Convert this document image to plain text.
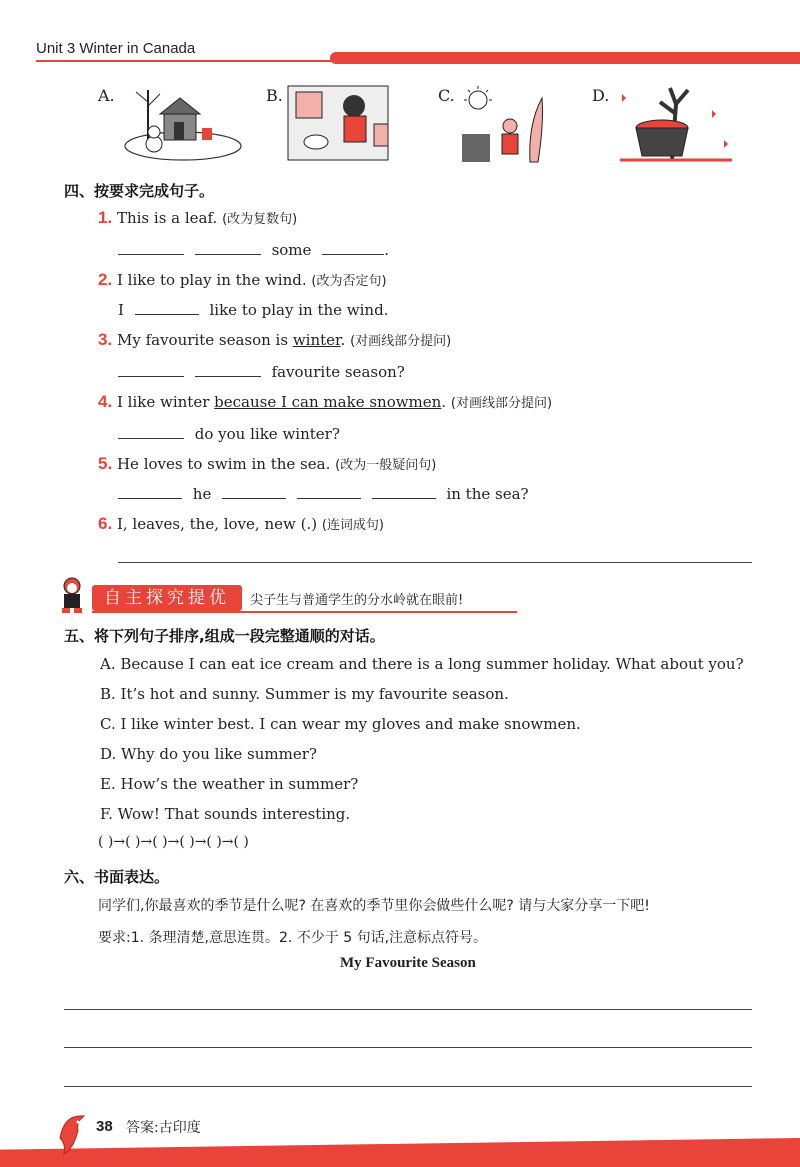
Unit 3 Winter in Canada
A.	B.	C.	D.
四、按要求完成句子。
1. This is a leaf. (改为复数句)
some	.
2. I like to play in the wind. (改为否定句)
I	like to play in the wind.
3. My favourite season is winter. (对画线部分提问)
favourite season?
4. I like winter because I can make snowmen. (对画线部分提问)
do you like winter?
5. He loves to swim in the sea. (改为一般疑问句)
he	in the sea?
6. I, leaves, the, love, new (.) (连词成句)
自主探究提优	尖子生与普通学生的分水岭就在眼前!
五、将下列句子排序,组成一段完整通顺的对话。
A. Because I can eat ice cream and there is a long summer holiday. What about you?
B. It’s hot and sunny. Summer is my favourite season.
C. I like winter best. I can wear my gloves and make snowmen.
D. Why do you like summer?
E. How’s the weather in summer?
F. Wow! That sounds interesting.
( )→( )→( )→( )→( )→( )
六、书面表达。
同学们,你最喜欢的季节是什么呢? 在喜欢的季节里你会做些什么呢? 请与大家分享一下吧!
要求:1. 条理清楚,意思连贯。2. 不少于 5 句话,注意标点符号。
My Favourite Season
38 答案:古印度
